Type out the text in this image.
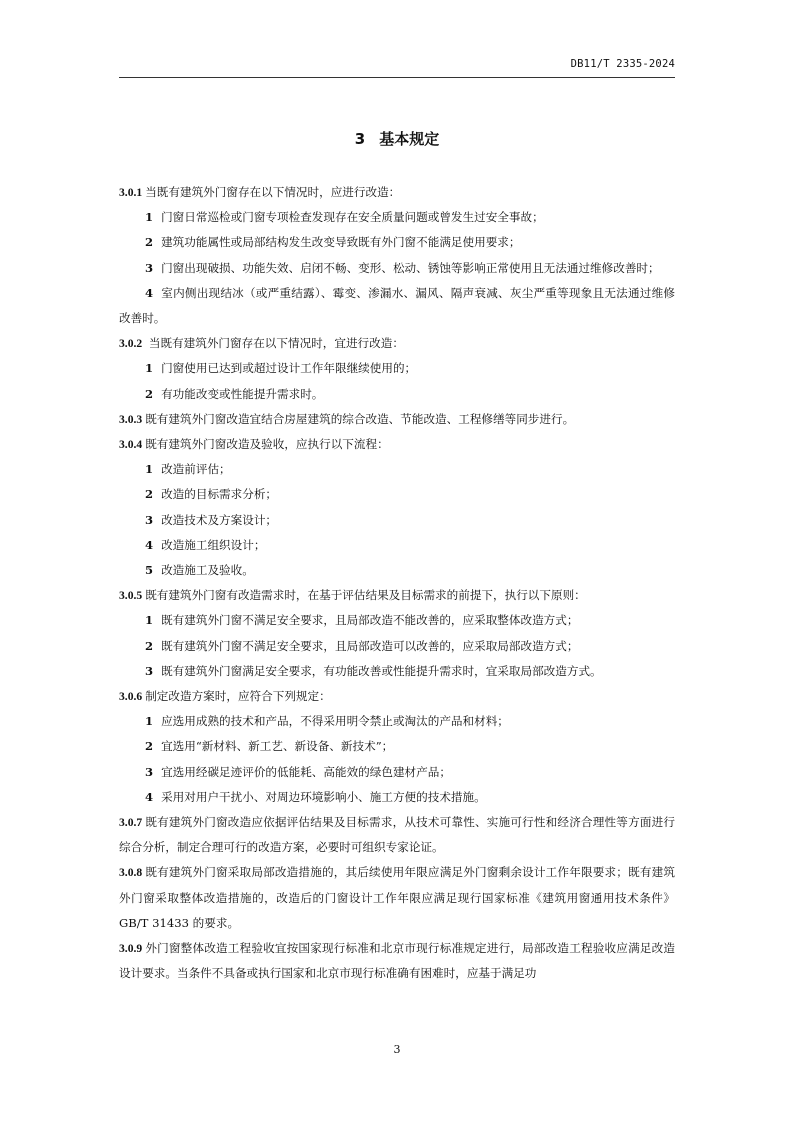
DB11/T 2335-2024
3 基本规定

3.0.1 当既有建筑外门窗存在以下情况时，应进行改造：

1 门窗日常巡检或门窗专项检查发现存在安全质量问题或曾发生过安全事故；

2 建筑功能属性或局部结构发生改变导致既有外门窗不能满足使用要求；

3 门窗出现破损、功能失效、启闭不畅、变形、松动、锈蚀等影响正常使用且无法通过维修改善时；

4 室内侧出现结冰（或严重结露）、霉变、渗漏水、漏风、隔声衰减、灰尘严重等现象且无法通过维修改善时。

3.0.2 当既有建筑外门窗存在以下情况时，宜进行改造：

1 门窗使用已达到或超过设计工作年限继续使用的；

2 有功能改变或性能提升需求时。

3.0.3 既有建筑外门窗改造宜结合房屋建筑的综合改造、节能改造、工程修缮等同步进行。

3.0.4 既有建筑外门窗改造及验收，应执行以下流程：

1 改造前评估；

2 改造的目标需求分析；

3 改造技术及方案设计；

4 改造施工组织设计；

5 改造施工及验收。

3.0.5 既有建筑外门窗有改造需求时，在基于评估结果及目标需求的前提下，执行以下原则：

1 既有建筑外门窗不满足安全要求，且局部改造不能改善的，应采取整体改造方式；

2 既有建筑外门窗不满足安全要求，且局部改造可以改善的，应采取局部改造方式；

3 既有建筑外门窗满足安全要求，有功能改善或性能提升需求时，宜采取局部改造方式。

3.0.6 制定改造方案时，应符合下列规定：

1 应选用成熟的技术和产品，不得采用明令禁止或淘汰的产品和材料；

2 宜选用“新材料、新工艺、新设备、新技术”；

3 宜选用经碳足迹评价的低能耗、高能效的绿色建材产品；

4 采用对用户干扰小、对周边环境影响小、施工方便的技术措施。

3.0.7 既有建筑外门窗改造应依据评估结果及目标需求，从技术可靠性、实施可行性和经济合理性等方面进行综合分析，制定合理可行的改造方案，必要时可组织专家论证。

3.0.8 既有建筑外门窗采取局部改造措施的，其后续使用年限应满足外门窗剩余设计工作年限要求；既有建筑外门窗采取整体改造措施的，改造后的门窗设计工作年限应满足现行国家标准《建筑用窗通用技术条件》GB/T 31433 的要求。

3.0.9 外门窗整体改造工程验收宜按国家现行标准和北京市现行标准规定进行，局部改造工程验收应满足改造设计要求。当条件不具备或执行国家和北京市现行标准确有困难时，应基于满足功

3
